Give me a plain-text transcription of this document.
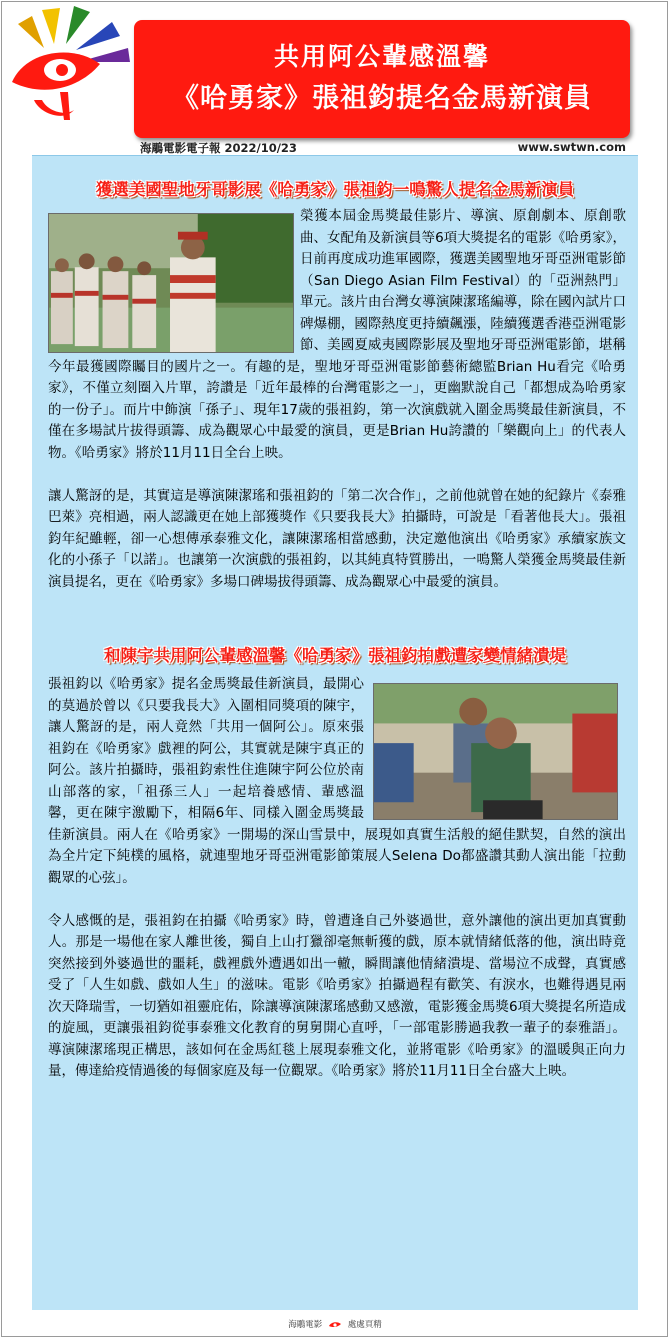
共用阿公輩感溫馨
《哈勇家》張祖鈞提名金馬新演員
海鵰電影電子報 2022/10/23	www.swtwn.com
獲選美國聖地牙哥影展《哈勇家》張祖鈞一鳴驚人提名金馬新演員

榮獲本屆金馬獎最佳影片、導演、原創劇本、原創歌曲、女配角及新演員等6項大獎提名的電影《哈勇家》，日前再度成功進軍國際，獲選美國聖地牙哥亞洲電影節（San Diego Asian Film Festival）的「亞洲熱門」單元。該片由台灣女導演陳潔瑤編導，除在國內試片口碑爆棚，國際熱度更持續飆漲，陸續獲選香港亞洲電影節、美國夏威夷國際影展及聖地牙哥亞洲電影節，堪稱今年最獲國際矚目的國片之一。有趣的是，聖地牙哥亞洲電影節藝術總監Brian Hu看完《哈勇家》，不僅立刻圈入片單，誇讚是「近年最棒的台灣電影之一」，更幽默說自己「都想成為哈勇家的一份子」。而片中飾演「孫子」、現年17歲的張祖鈞，第一次演戲就入圍金馬獎最佳新演員，不僅在多場試片拔得頭籌、成為觀眾心中最愛的演員，更是Brian Hu誇讚的「樂觀向上」的代表人物。《哈勇家》將於11月11日全台上映。

讓人驚訝的是，其實這是導演陳潔瑤和張祖鈞的「第二次合作」，之前他就曾在她的紀錄片《泰雅巴萊》亮相過，兩人認識更在她上部獲獎作《只要我長大》拍攝時，可說是「看著他長大」。張祖鈞年紀雖輕，卻一心想傳承泰雅文化，讓陳潔瑤相當感動，決定邀他演出《哈勇家》承續家族文化的小孫子「以諾」。也讓第一次演戲的張祖鈞，以其純真特質勝出，一鳴驚人榮獲金馬獎最佳新演員提名，更在《哈勇家》多場口碑場拔得頭籌、成為觀眾心中最愛的演員。

和陳宇共用阿公輩感溫馨《哈勇家》張祖鈞拍戲遭家變情緒潰堤

張祖鈞以《哈勇家》提名金馬獎最佳新演員，最開心的莫過於曾以《只要我長大》入圍相同獎項的陳宇，讓人驚訝的是，兩人竟然「共用一個阿公」。原來張祖鈞在《哈勇家》戲裡的阿公，其實就是陳宇真正的阿公。該片拍攝時，張祖鈞索性住進陳宇阿公位於南山部落的家，「祖孫三人」一起培養感情、輩感溫馨，更在陳宇激勵下，相隔6年、同樣入圍金馬獎最佳新演員。兩人在《哈勇家》一開場的深山雪景中，展現如真實生活般的絕佳默契，自然的演出為全片定下純樸的風格，就連聖地牙哥亞洲電影節策展人Selena Do都盛讚其動人演出能「拉動觀眾的心弦」。

令人感慨的是，張祖鈞在拍攝《哈勇家》時，曾遭逢自己外婆過世，意外讓他的演出更加真實動人。那是一場他在家人離世後，獨自上山打獵卻毫無斬獲的戲，原本就情緒低落的他，演出時竟突然接到外婆過世的噩耗，戲裡戲外遭遇如出一轍，瞬間讓他情緒潰堤、當場泣不成聲，真實感受了「人生如戲、戲如人生」的滋味。電影《哈勇家》拍攝過程有歡笑、有淚水，也難得遇見兩次天降瑞雪，一切猶如祖靈庇佑，除讓導演陳潔瑤感動又感激，電影獲金馬獎6項大獎提名所造成的旋風，更讓張祖鈞從事泰雅文化教育的舅舅開心直呼，「一部電影勝過我教一輩子的泰雅語」。導演陳潔瑤現正構思，該如何在金馬紅毯上展現泰雅文化，並將電影《哈勇家》的溫暖與正向力量，傳達給疫情過後的每個家庭及每一位觀眾。《哈勇家》將於11月11日全台盛大上映。

海鵰電影	處處頁精
